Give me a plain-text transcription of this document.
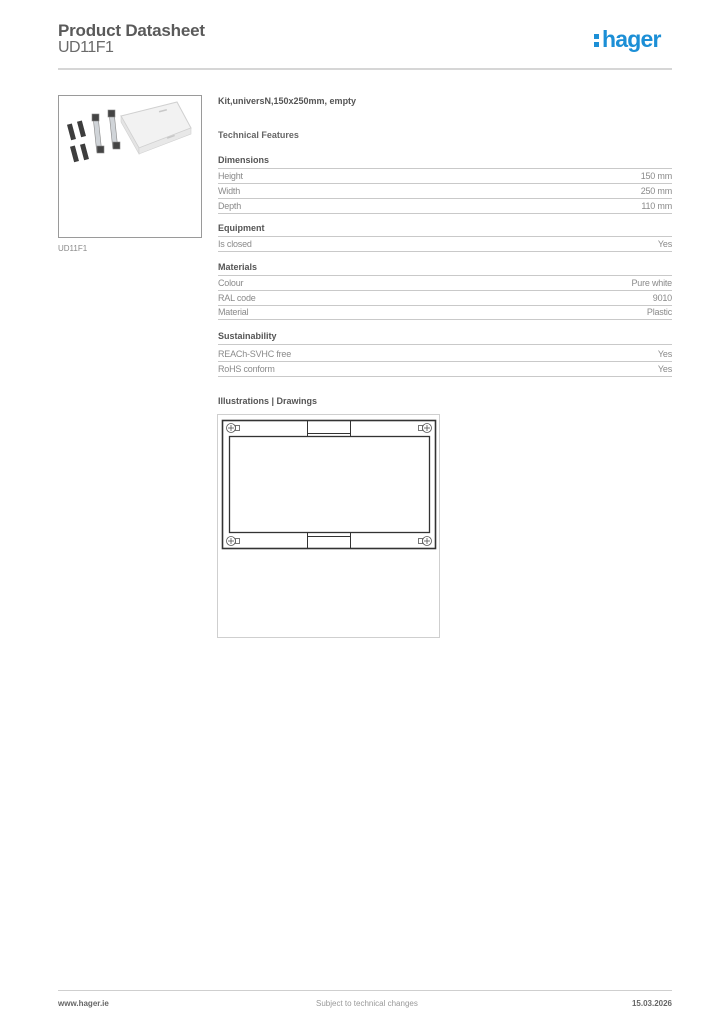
Product Datasheet
UD11F1	hager
UD11F1
Kit,universN,150x250mm, empty
Technical Features
Dimensions
Height	150 mm
Width	250 mm
Depth	110 mm
Equipment
Is closed	Yes
Materials
Colour	Pure white
RAL code	9010
Material	Plastic
Sustainability
REACh-SVHC free	Yes
RoHS conform	Yes
Illustrations | Drawings
www.hager.ie	Subject to technical changes	15.03.2026
